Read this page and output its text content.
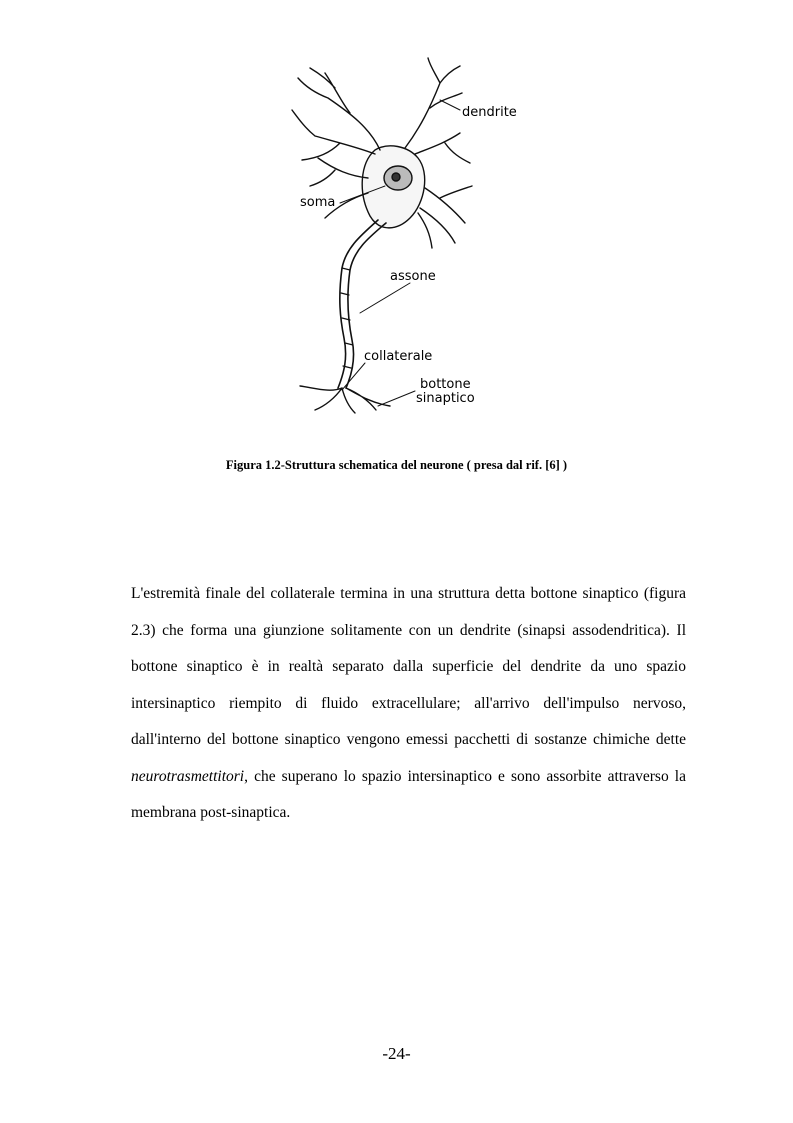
dendrite
soma
assone
collaterale
bottone
sinaptico
Figura 1.2-Struttura schematica del neurone ( presa dal rif. [6] )

L'estremità finale del collaterale termina in una struttura detta bottone sinaptico (figura 2.3) che forma una giunzione solitamente con un dendrite (sinapsi assodendritica). Il bottone sinaptico è in realtà separato dalla superficie del dendrite da uno spazio intersinaptico riempito di fluido extracellulare; all'arrivo dell'impulso nervoso, dall'interno del bottone sinaptico vengono emessi pacchetti di sostanze chimiche dette neurotrasmettitori, che superano lo spazio intersinaptico e sono assorbite attraverso la membrana post-sinaptica.

-24-
